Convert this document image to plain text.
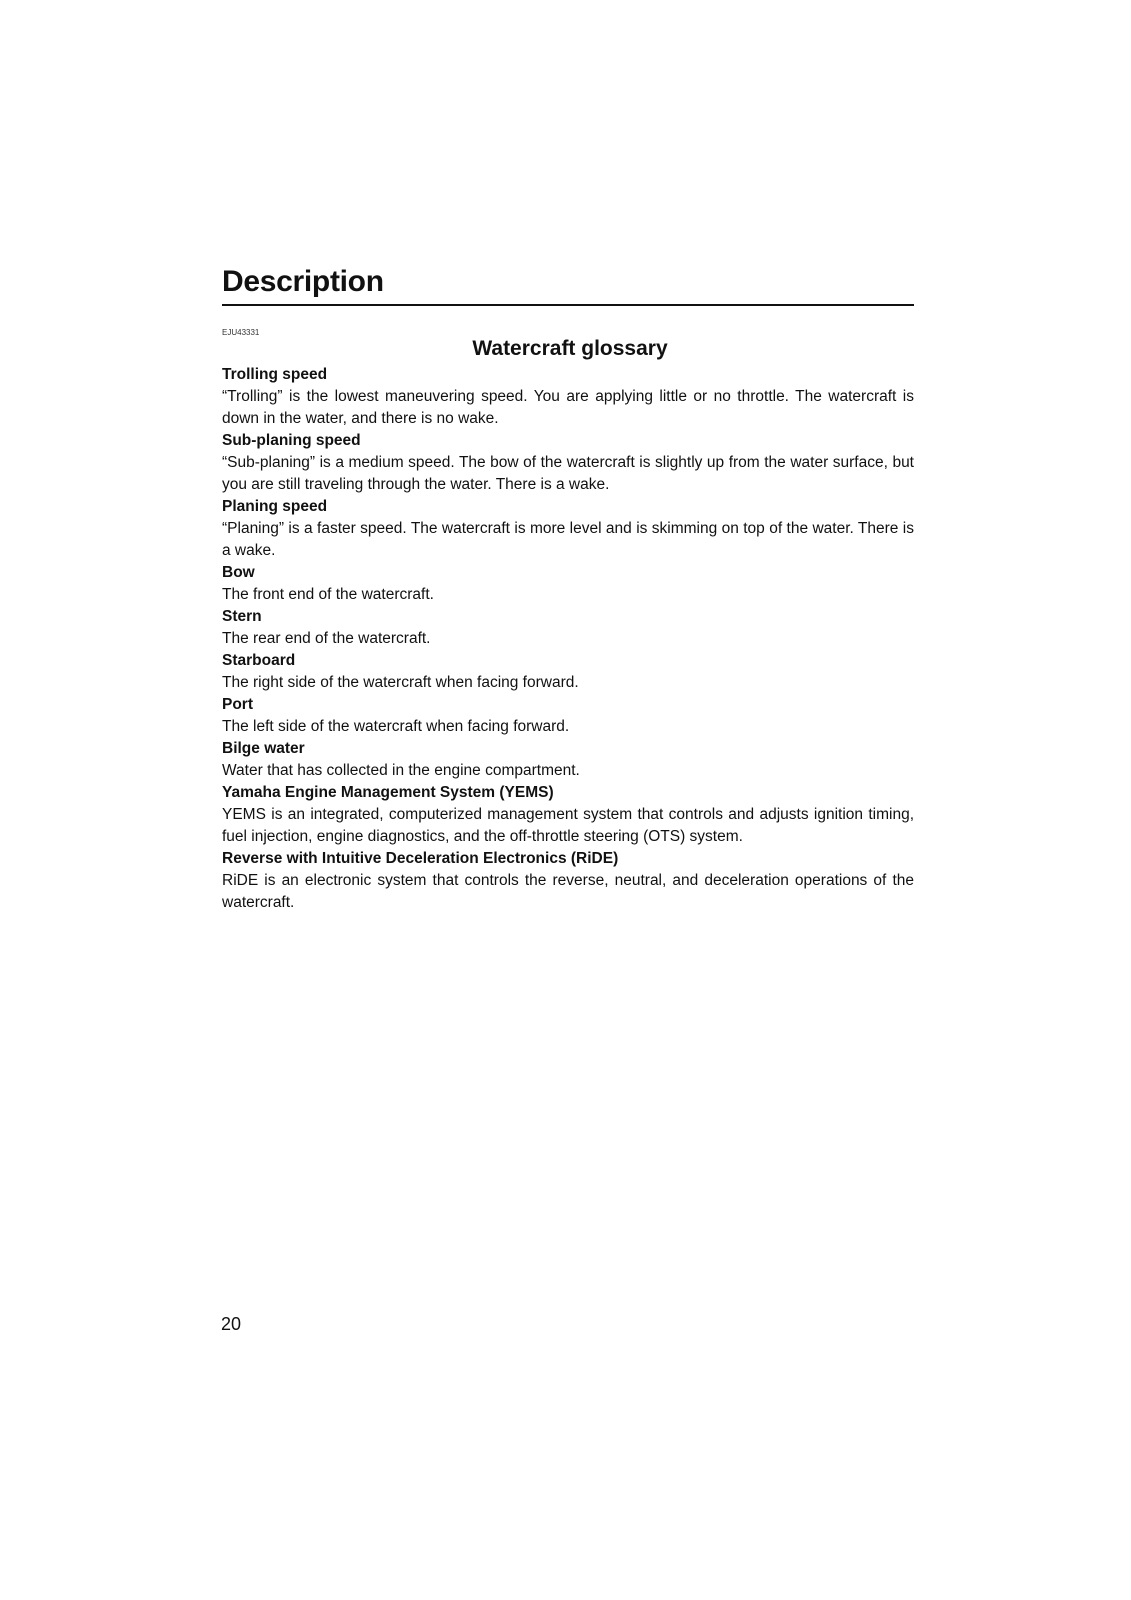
Description
EJU43331
Watercraft glossary
Trolling speed
“Trolling” is the lowest maneuvering speed. You are applying little or no throttle. The watercraft is down in the water, and there is no wake.
Sub-planing speed
“Sub-planing” is a medium speed. The bow of the watercraft is slightly up from the water surface, but you are still traveling through the water. There is a wake.
Planing speed
“Planing” is a faster speed. The watercraft is more level and is skimming on top of the water. There is a wake.
Bow
The front end of the watercraft.
Stern
The rear end of the watercraft.
Starboard
The right side of the watercraft when facing forward.
Port
The left side of the watercraft when facing forward.
Bilge water
Water that has collected in the engine compartment.
Yamaha Engine Management System (YEMS)
YEMS is an integrated, computerized management system that controls and adjusts ignition timing, fuel injection, engine diagnostics, and the off-throttle steering (OTS) system.
Reverse with Intuitive Deceleration Electronics (RiDE)
RiDE is an electronic system that controls the reverse, neutral, and deceleration operations of the watercraft.
20
